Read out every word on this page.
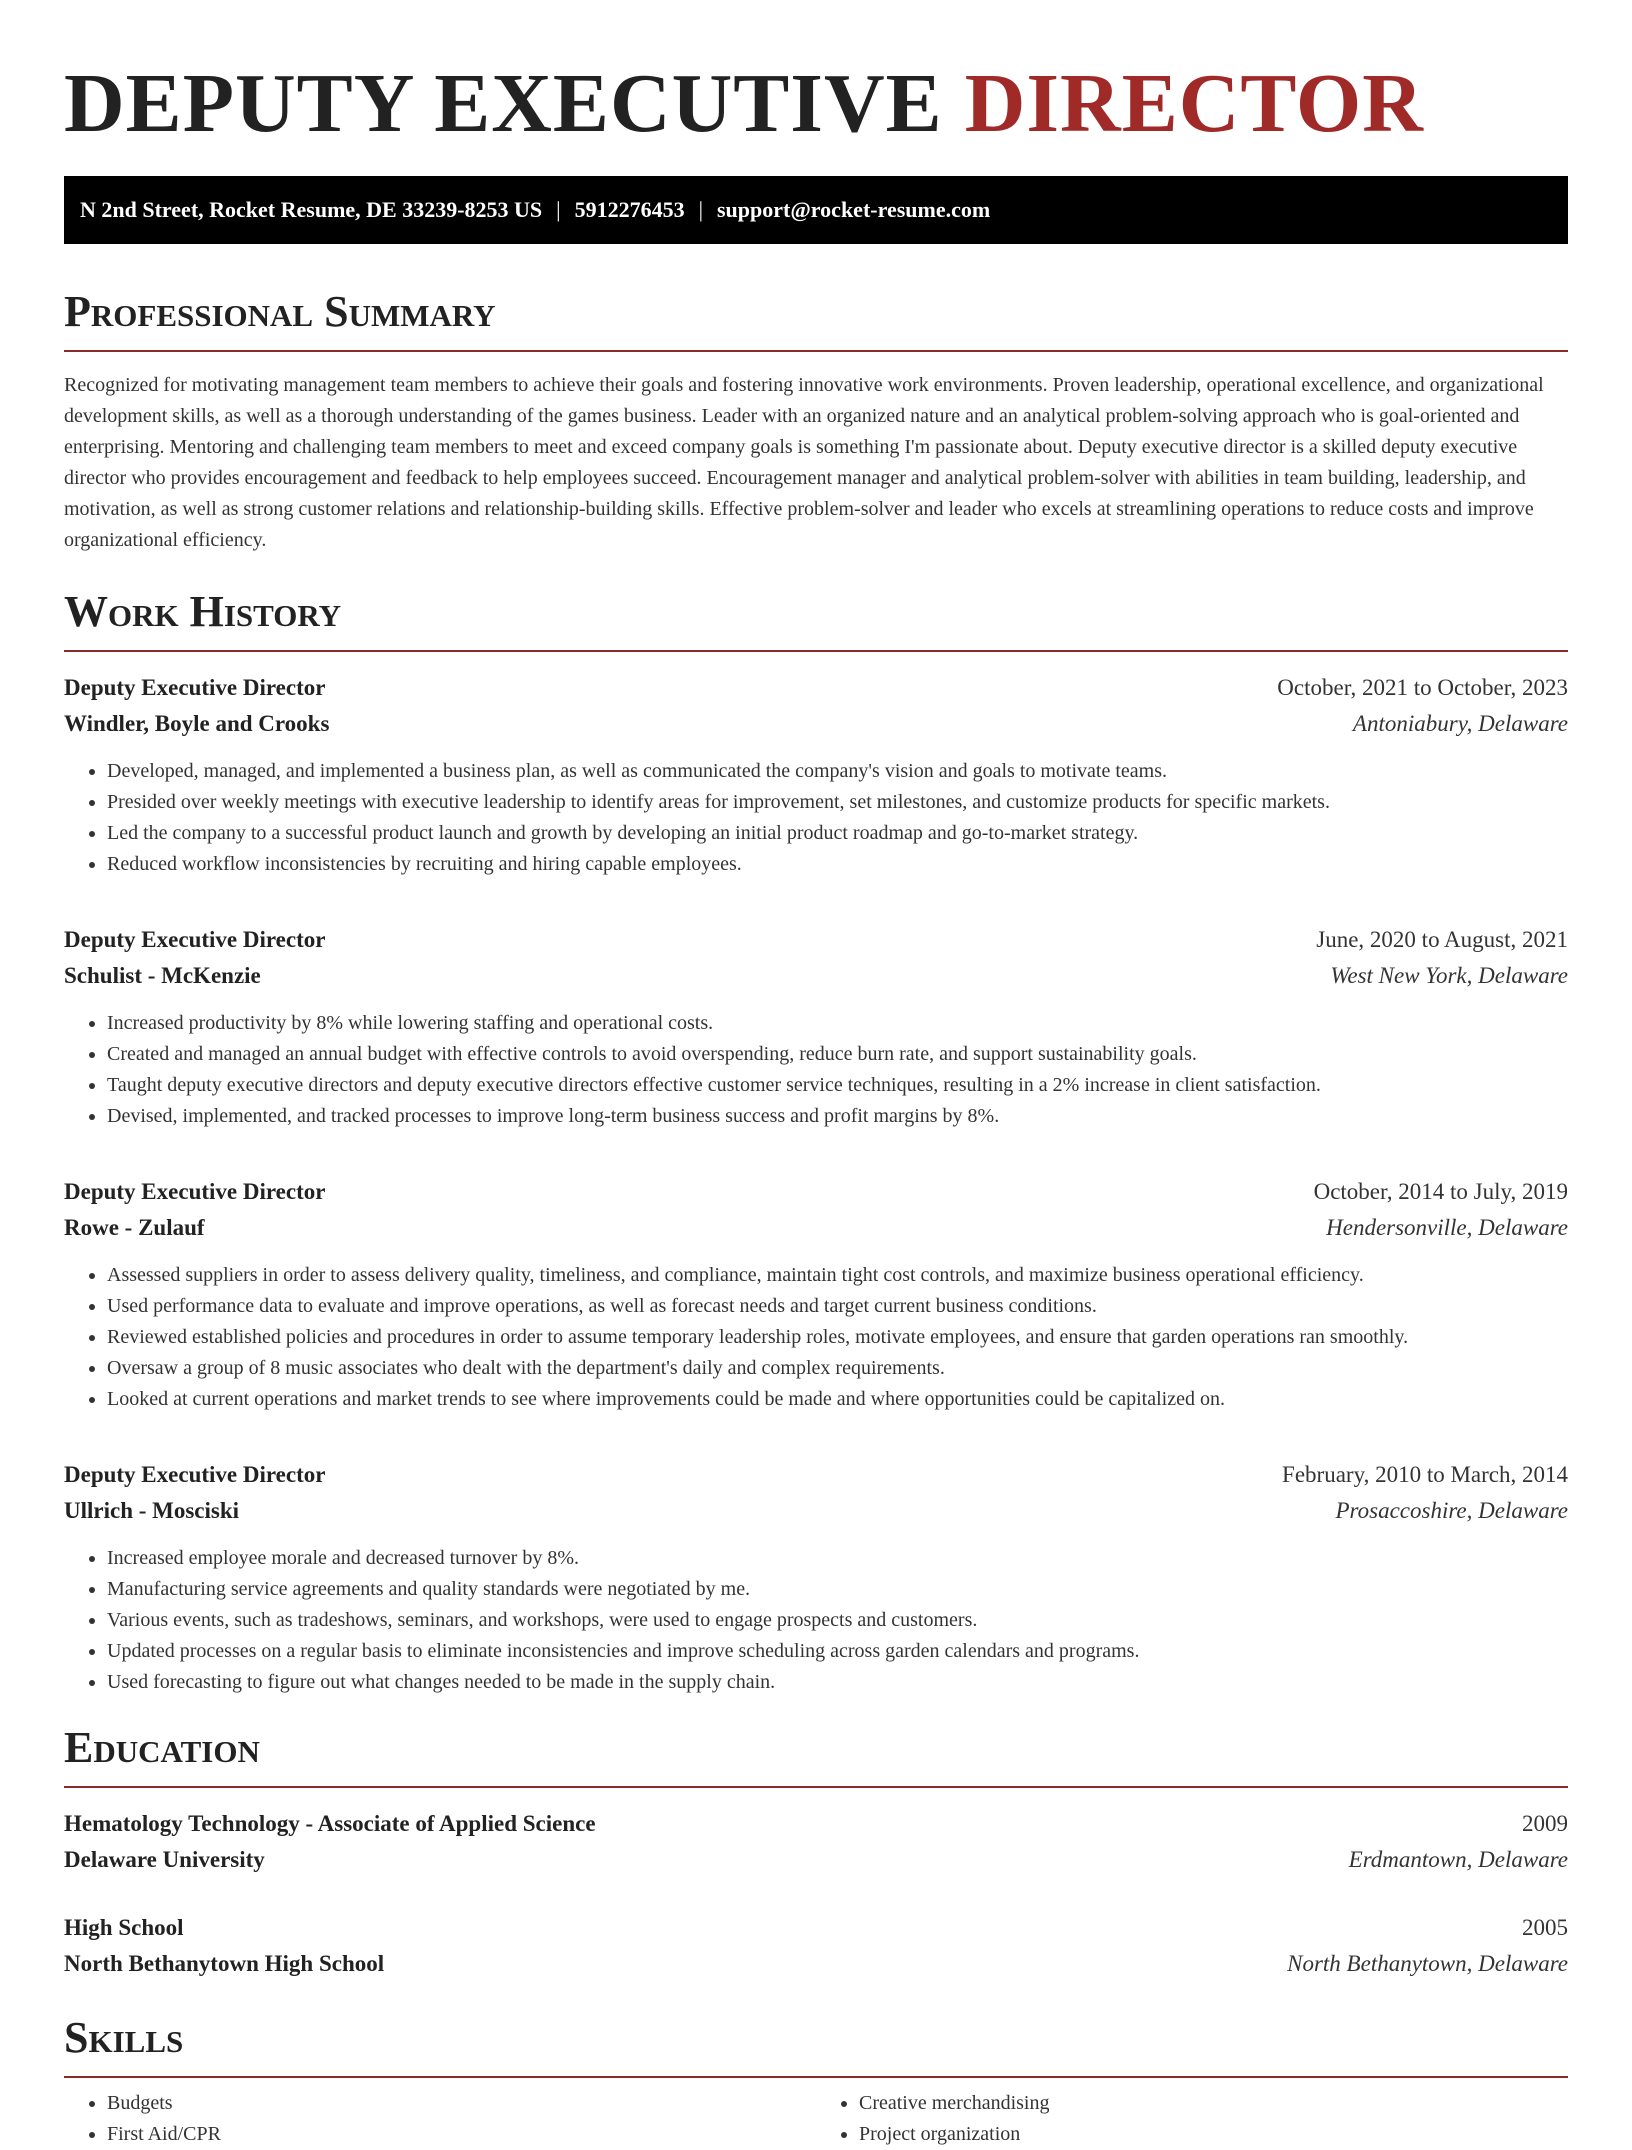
DEPUTY EXECUTIVE DIRECTOR
N 2nd Street, Rocket Resume, DE 33239-8253 US | 5912276453 | support@rocket-resume.com
Professional Summary

Recognized for motivating management team members to achieve their goals and fostering innovative work environments. Proven leadership, operational excellence, and organizational development skills, as well as a thorough understanding of the games business. Leader with an organized nature and an analytical problem-solving approach who is goal-oriented and enterprising. Mentoring and challenging team members to meet and exceed company goals is something I'm passionate about. Deputy executive director is a skilled deputy executive director who provides encouragement and feedback to help employees succeed. Encouragement manager and analytical problem-solver with abilities in team building, leadership, and motivation, as well as strong customer relations and relationship-building skills. Effective problem-solver and leader who excels at streamlining operations to reduce costs and improve organizational efficiency.

Work History
Deputy Executive Director	October, 2021 to October, 2023
Windler, Boyle and Crooks	Antoniabury, Delaware
• Developed, managed, and implemented a business plan, as well as communicated the company's vision and goals to motivate teams.
• Presided over weekly meetings with executive leadership to identify areas for improvement, set milestones, and customize products for specific markets.
• Led the company to a successful product launch and growth by developing an initial product roadmap and go-to-market strategy.
• Reduced workflow inconsistencies by recruiting and hiring capable employees.
Deputy Executive Director	June, 2020 to August, 2021
Schulist - McKenzie	West New York, Delaware
• Increased productivity by 8% while lowering staffing and operational costs.
• Created and managed an annual budget with effective controls to avoid overspending, reduce burn rate, and support sustainability goals.
• Taught deputy executive directors and deputy executive directors effective customer service techniques, resulting in a 2% increase in client satisfaction.
• Devised, implemented, and tracked processes to improve long-term business success and profit margins by 8%.
Deputy Executive Director	October, 2014 to July, 2019
Rowe - Zulauf	Hendersonville, Delaware
• Assessed suppliers in order to assess delivery quality, timeliness, and compliance, maintain tight cost controls, and maximize business operational efficiency.
• Used performance data to evaluate and improve operations, as well as forecast needs and target current business conditions.
• Reviewed established policies and procedures in order to assume temporary leadership roles, motivate employees, and ensure that garden operations ran smoothly.
• Oversaw a group of 8 music associates who dealt with the department's daily and complex requirements.
• Looked at current operations and market trends to see where improvements could be made and where opportunities could be capitalized on.
Deputy Executive Director	February, 2010 to March, 2014
Ullrich - Mosciski	Prosaccoshire, Delaware
• Increased employee morale and decreased turnover by 8%.
• Manufacturing service agreements and quality standards were negotiated by me.
• Various events, such as tradeshows, seminars, and workshops, were used to engage prospects and customers.
• Updated processes on a regular basis to eliminate inconsistencies and improve scheduling across garden calendars and programs.
• Used forecasting to figure out what changes needed to be made in the supply chain.
Education
Hematology Technology - Associate of Applied Science	2009
Delaware University	Erdmantown, Delaware
High School	2005
North Bethanytown High School	North Bethanytown, Delaware
Skills
• Budgets
• First Aid/CPR
• Creative merchandising
• Project organization
